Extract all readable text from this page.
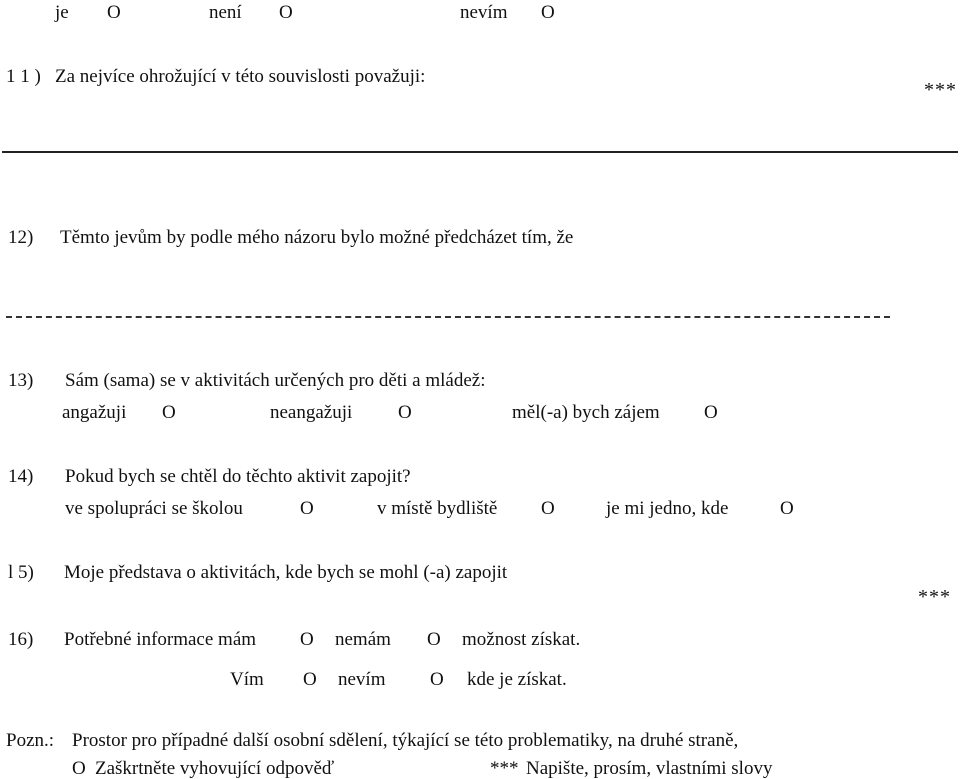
je O	není O	nevím O
1 1 ) Za nejvíce ohrožující v této souvislosti považuji:
***
12) Těmto jevům by podle mého názoru bylo možné předcházet tím, že
13) Sám (sama) se v aktivitách určených pro děti a mládež:
angažuji O	neangažuji O	měl(-a) bych zájem O
14) Pokud bych se chtěl do těchto aktivit zapojit?
ve spolupráci se školou	O	v místě bydliště O	je mi jedno, kde	O
l 5) Moje představa o aktivitách, kde bych se mohl (-a) zapojit
***
16) Potřebné informace mám O nemám O možnost získat.
Vím O nevím O kde je získat.
Pozn.: Prostor pro případné další osobní sdělení, týkající se této problematiky, na druhé straně,
O Zaškrtněte vyhovující odpověď	*** Napište, prosím, vlastními slovy
